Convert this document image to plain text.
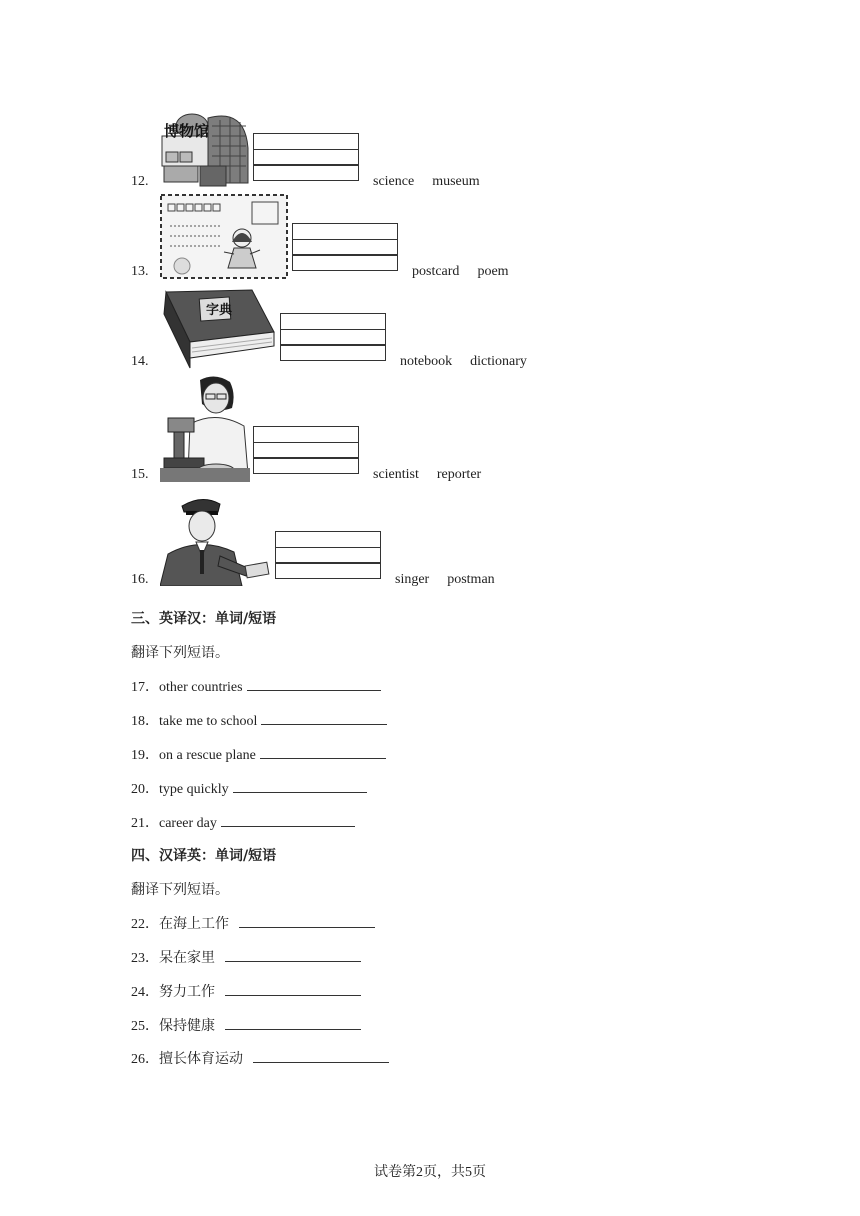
12.
博物馆
science museum
13.	postcard poem
14.
字典
notebook dictionary
15.	scientist reporter
16.	singer postman
三、英译汉：单词/短语
翻译下列短语。
17．other countries
18．take me to school
19．on a rescue plane
20．type quickly
21．career day
四、汉译英：单词/短语
翻译下列短语。
22．在海上工作
23．呆在家里
24．努力工作
25．保持健康
26．擅长体育运动
试卷第2页，共5页
